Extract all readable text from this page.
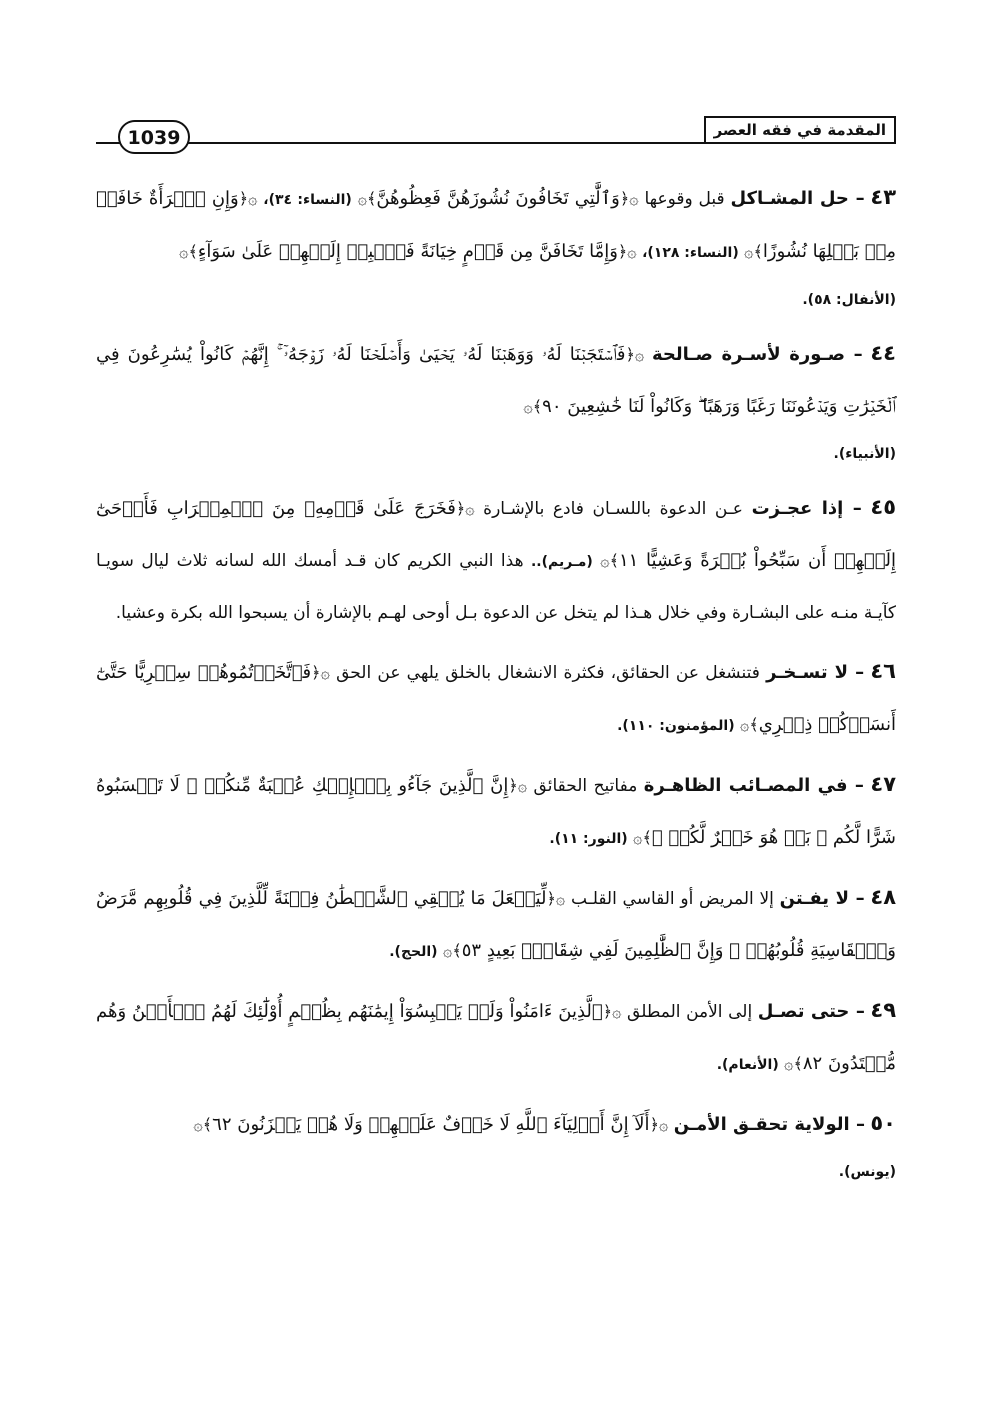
1039	المقدمة في فقه العصر

٤٣ – حل المشـاكل قبل وقوعها ۞﴿وَٱلَّٰتِي تَخَافُونَ نُشُوزَهُنَّ فَعِظُوهُنَّ﴾۞ (النساء: ٣٤)، ۞﴿وَإِنِ ٱمۡرَأَةٌ خَافَتۡ مِنۢ بَعۡلِهَا نُشُوزًا﴾۞ (النساء: ١٢٨)، ۞﴿وَإِمَّا تَخَافَنَّ مِن قَوۡمٍ خِيَانَةً فَٱنۢبِذۡ إِلَيۡهِمۡ عَلَىٰ سَوَآءٍ﴾۞
(الأنفال: ٥٨).

٤٤ – صـورة لأسـرة صـالحة ۞﴿فَٱسۡتَجَبۡنَا لَهُۥ وَوَهَبۡنَا لَهُۥ يَحۡيَىٰ وَأَصۡلَحۡنَا لَهُۥ زَوۡجَهُۥٓ ۚ إِنَّهُمۡ كَانُواْ يُسَٰرِعُونَ فِي ٱلۡخَيۡرَٰتِ وَيَدۡعُونَنَا رَغَبًا وَرَهَبًا ۖ وَكَانُواْ لَنَا خَٰشِعِينَ ٩٠﴾۞
(الأنبياء).

٤٥ – إذا عجـزت عـن الدعوة باللسـان فادع بالإشـارة ۞﴿فَخَرَجَ عَلَىٰ قَوۡمِهِۦ مِنَ ٱلۡمِحۡرَابِ فَأَوۡحَىٰٓ إِلَيۡهِمۡ أَن سَبِّحُواْ بُكۡرَةً وَعَشِيًّا ١١﴾۞ (مـريم).. هذا النبي الكريم كان قـد أمسك الله لسانه ثلاث ليال سويـا كآيـة منـه على البشـارة وفي خلال هـذا لم يتخل عن الدعوة بـل أوحى لهـم بالإشارة أن يسبحوا الله بكرة وعشيا.

٤٦ – لا تسـخـر فتنشغل عن الحقائق، فكثرة الانشغال بالخلق يلهي عن الحق ۞﴿فَٱتَّخَذۡتُمُوهُمۡ سِخۡرِيًّا حَتَّىٰٓ أَنسَوۡكُمۡ ذِكۡرِي﴾۞ (المؤمنون: ١١٠).

٤٧ – في المصـائب الظاهـرة مفاتيح الحقائق ۞﴿إِنَّ ٱلَّذِينَ جَآءُو بِٱلۡإِفۡكِ عُصۡبَةٌ مِّنكُمۡ ۚ لَا تَحۡسَبُوهُ شَرًّا لَّكُم ۖ بَلۡ هُوَ خَيۡرٌ لَّكُمۡ ۚ﴾۞ (النور: ١١).

٤٨ – لا يفـتن إلا المريض أو القاسي القلـب ۞﴿لِّيَجۡعَلَ مَا يُلۡقِي ٱلشَّيۡطَٰنُ فِتۡنَةً لِّلَّذِينَ فِي قُلُوبِهِم مَّرَضٌ وَٱلۡقَاسِيَةِ قُلُوبُهُمۡ ۗ وَإِنَّ ٱلظَّٰلِمِينَ لَفِي شِقَاقِۭ بَعِيدٍ ٥٣﴾۞ (الحج).

٤٩ – حتى تصـل إلى الأمن المطلق ۞﴿ٱلَّذِينَ ءَامَنُواْ وَلَمۡ يَلۡبِسُوٓاْ إِيمَٰنَهُم بِظُلۡمٍ أُوْلَٰٓئِكَ لَهُمُ ٱلۡأَمۡنُ وَهُم مُّهۡتَدُونَ ٨٢﴾۞ (الأنعام).

٥٠ – الولاية تحقـق الأمـن ۞﴿أَلَآ إِنَّ أَوۡلِيَآءَ ٱللَّهِ لَا خَوۡفٌ عَلَيۡهِمۡ وَلَا هُمۡ يَحۡزَنُونَ ٦٢﴾۞
(يونس).
